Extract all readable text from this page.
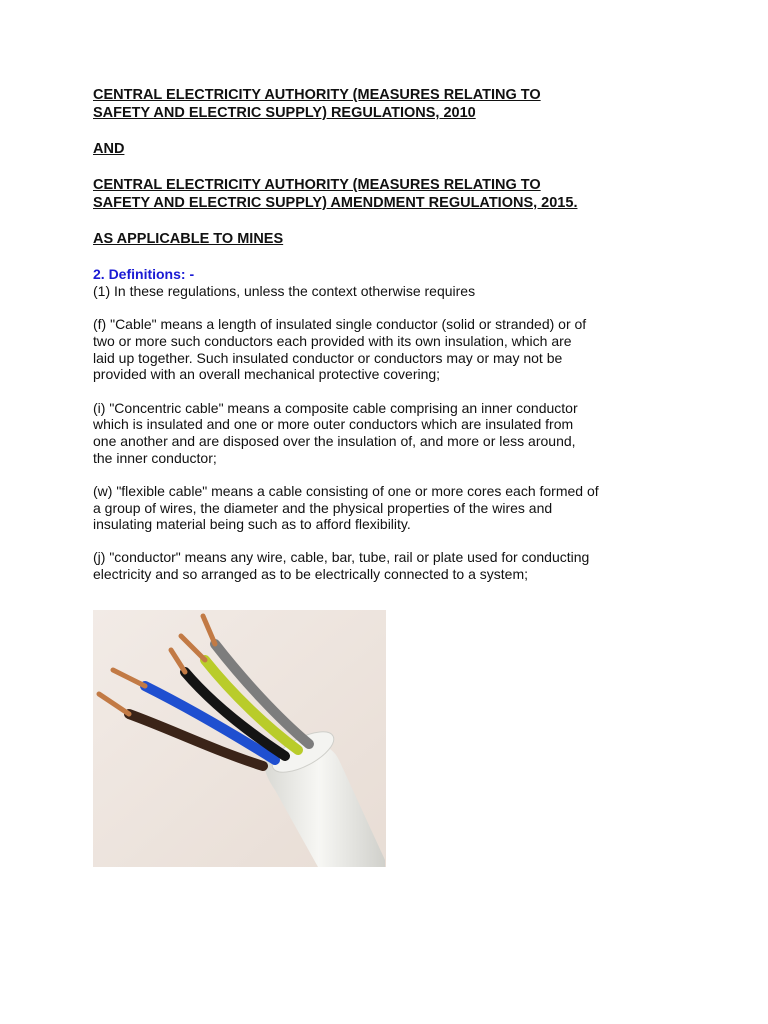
CENTRAL ELECTRICITY AUTHORITY (MEASURES RELATING TO
SAFETY AND ELECTRIC SUPPLY) REGULATIONS, 2010

AND

CENTRAL ELECTRICITY AUTHORITY (MEASURES RELATING TO
SAFETY AND ELECTRIC SUPPLY) AMENDMENT REGULATIONS, 2015.

AS APPLICABLE TO MINES

2. Definitions: -

(1) In these regulations, unless the context otherwise requires

(f) "Cable" means a length of insulated single conductor (solid or stranded) or of
two or more such conductors each provided with its own insulation, which are
laid up together. Such insulated conductor or conductors may or may not be
provided with an overall mechanical protective covering;

(i) "Concentric cable" means a composite cable comprising an inner conductor
which is insulated and one or more outer conductors which are insulated from
one another and are disposed over the insulation of, and more or less around,
the inner conductor;

(w) "flexible cable" means a cable consisting of one or more cores each formed of
a group of wires, the diameter and the physical properties of the wires and
insulating material being such as to afford flexibility.

(j) "conductor" means any wire, cable, bar, tube, rail or plate used for conducting
electricity and so arranged as to be electrically connected to a system;
